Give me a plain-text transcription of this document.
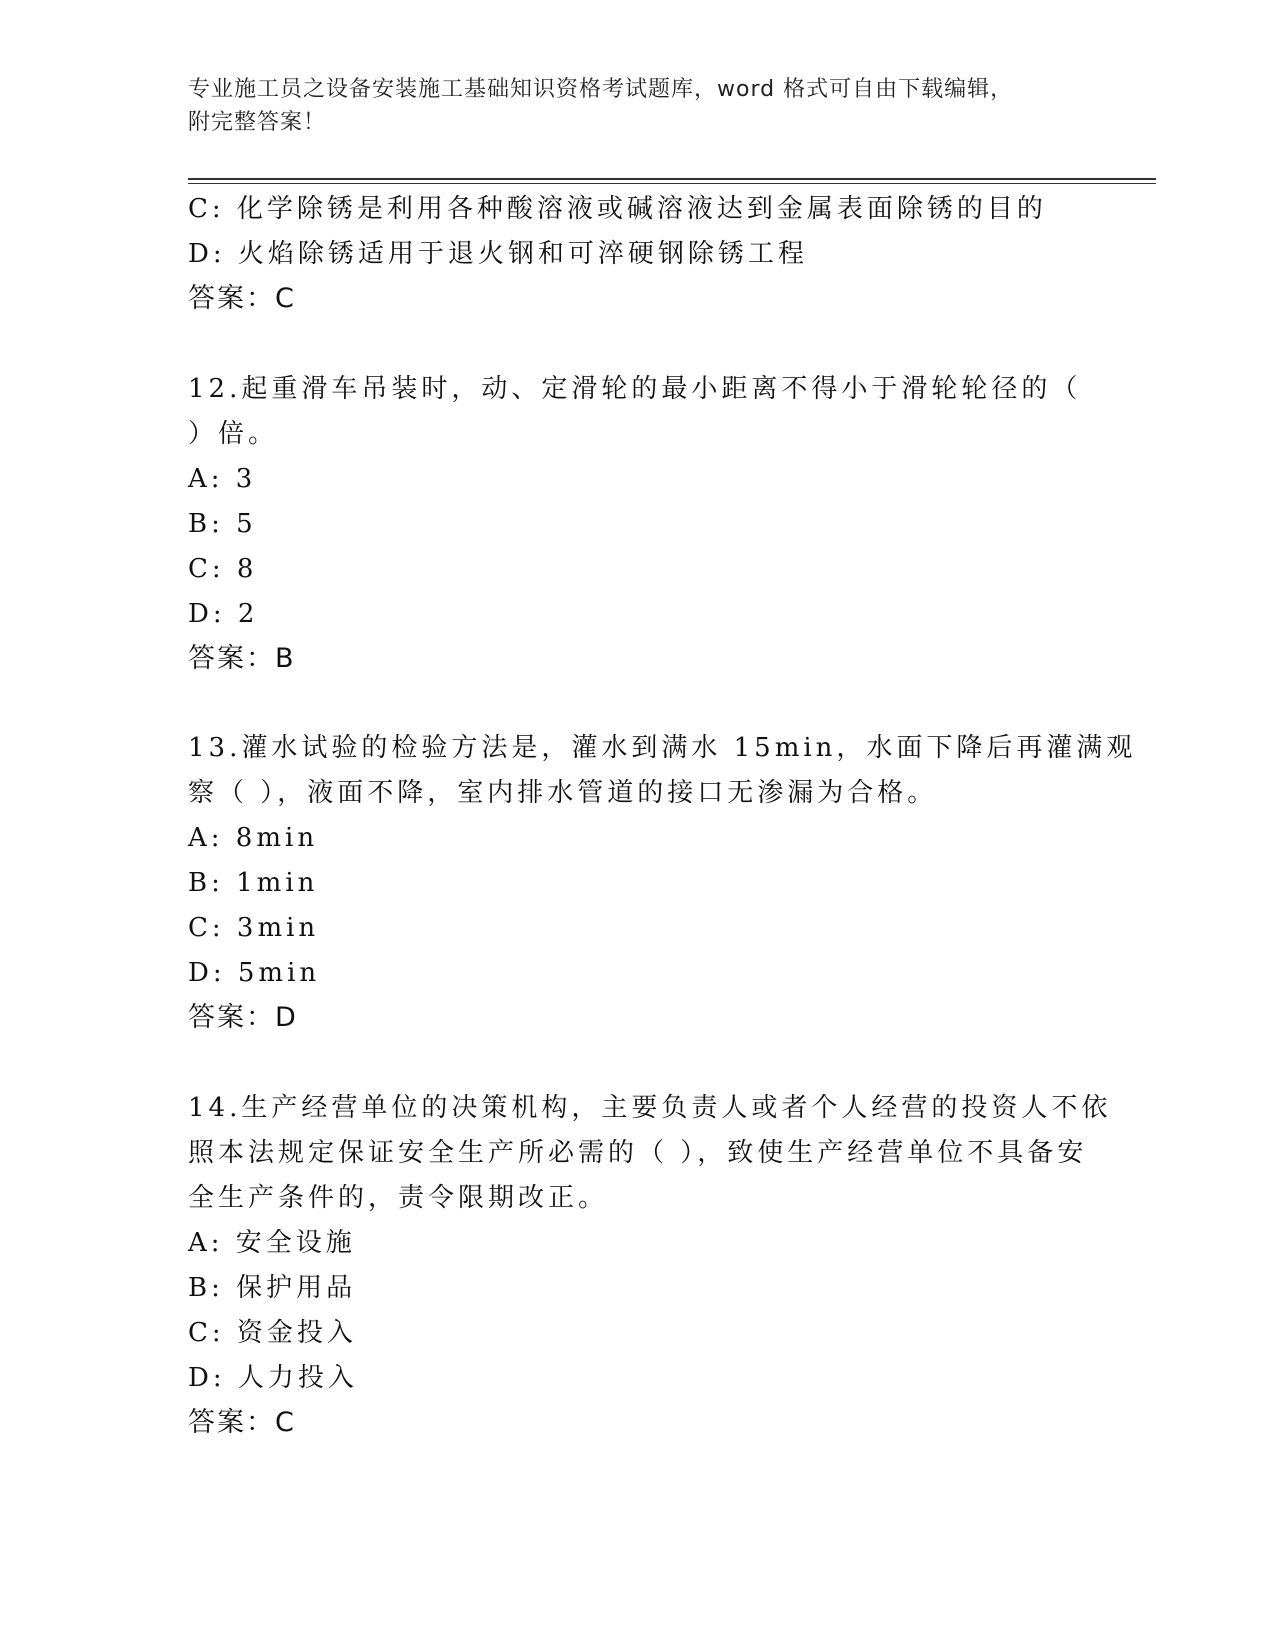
专业施工员之设备安装施工基础知识资格考试题库，word 格式可自由下载编辑，
附完整答案！
C: 化学除锈是利用各种酸溶液或碱溶液达到金属表面除锈的目的
D: 火焰除锈适用于退火钢和可淬硬钢除锈工程
答案：C
12.起重滑车吊装时，动、定滑轮的最小距离不得小于滑轮轮径的（
）倍。
A: 3
B: 5
C: 8
D: 2
答案：B
13.灌水试验的检验方法是，灌水到满水 15min，水面下降后再灌满观
察（ ），液面不降，室内排水管道的接口无渗漏为合格。
A: 8min
B: 1min
C: 3min
D: 5min
答案：D
14.生产经营单位的决策机构，主要负责人或者个人经营的投资人不依
照本法规定保证安全生产所必需的（ ），致使生产经营单位不具备安
全生产条件的，责令限期改正。
A: 安全设施
B: 保护用品
C: 资金投入
D: 人力投入
答案：C
